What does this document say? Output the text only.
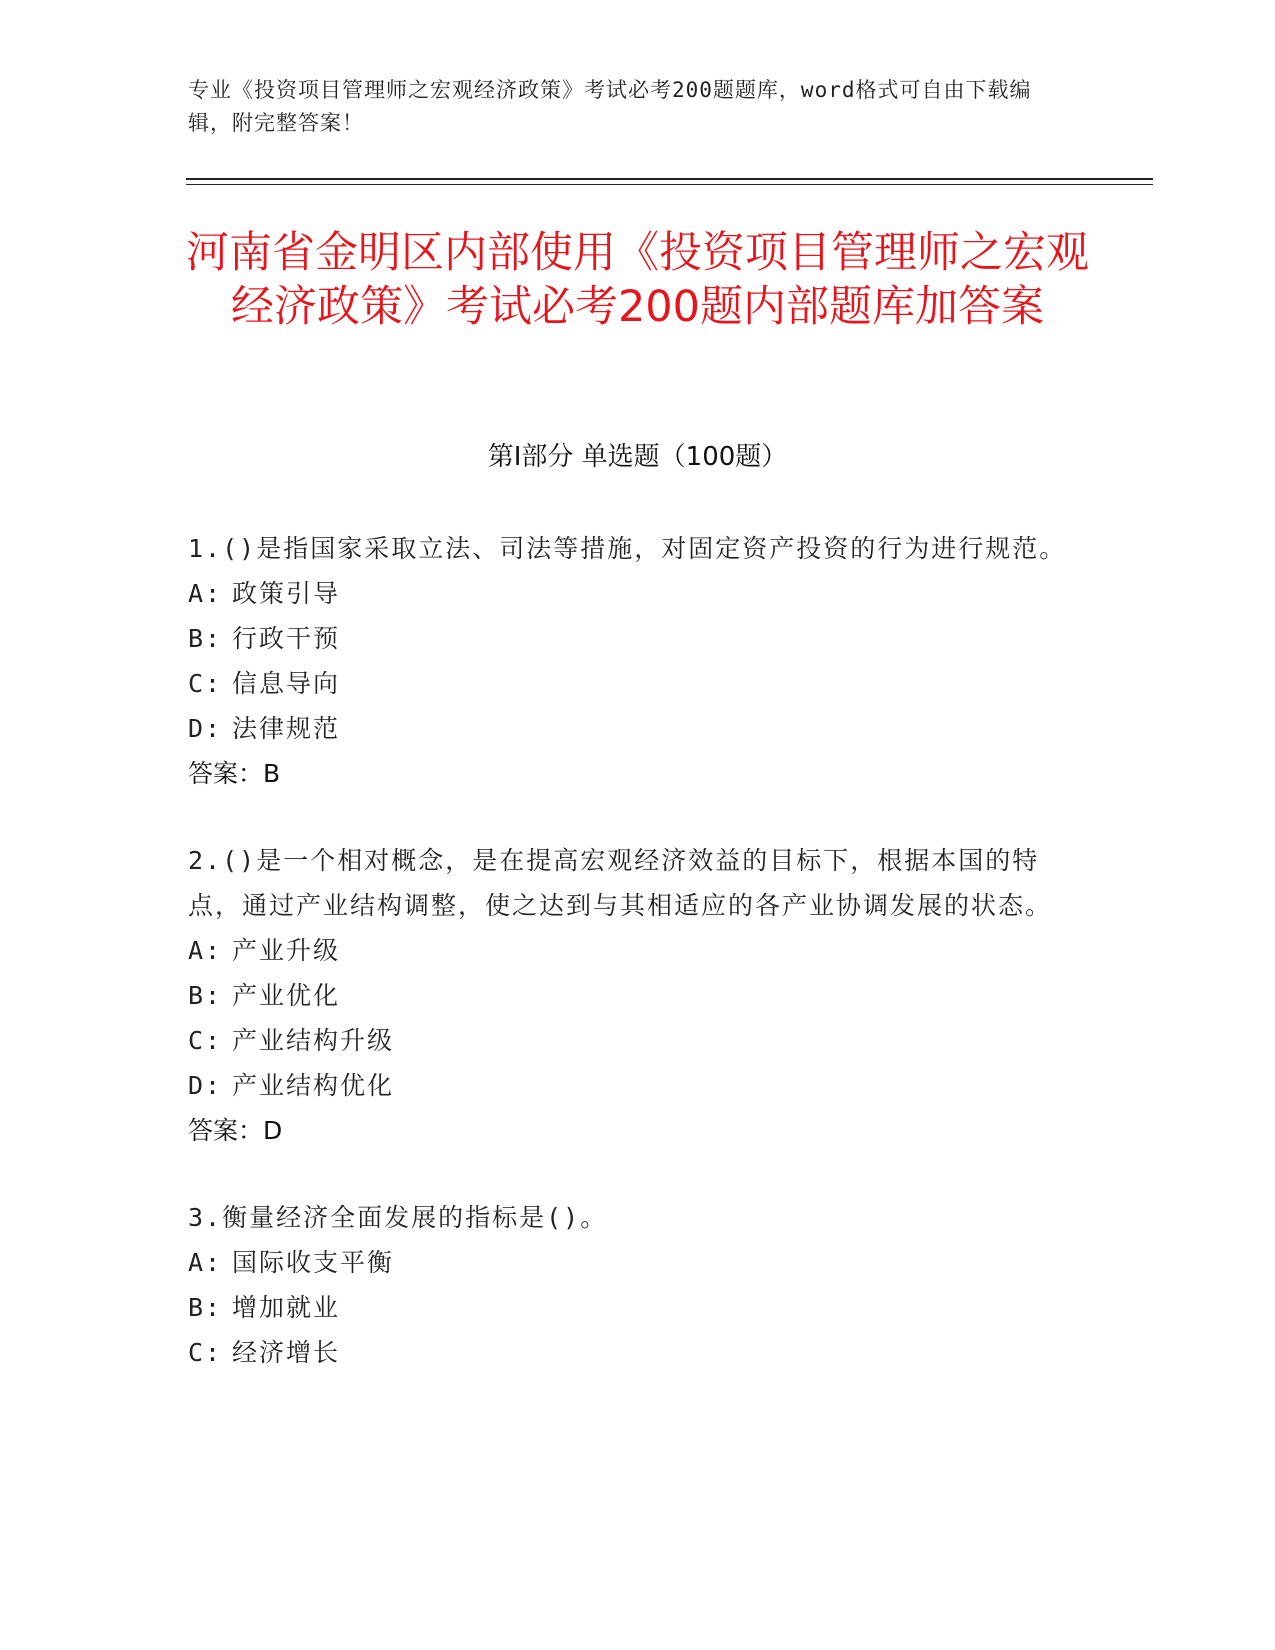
专业《投资项目管理师之宏观经济政策》考试必考200题题库，word格式可自由下载编辑，附完整答案！
河南省金明区内部使用《投资项目管理师之宏观经济政策》考试必考200题内部题库加答案
第I部分 单选题（100题）
1.()是指国家采取立法、司法等措施，对固定资产投资的行为进行规范。
A: 政策引导
B: 行政干预
C: 信息导向
D: 法律规范
答案：B
2.()是一个相对概念，是在提高宏观经济效益的目标下，根据本国的特点，通过产业结构调整，使之达到与其相适应的各产业协调发展的状态。
A: 产业升级
B: 产业优化
C: 产业结构升级
D: 产业结构优化
答案：D
3.衡量经济全面发展的指标是()。
A: 国际收支平衡
B: 增加就业
C: 经济增长
